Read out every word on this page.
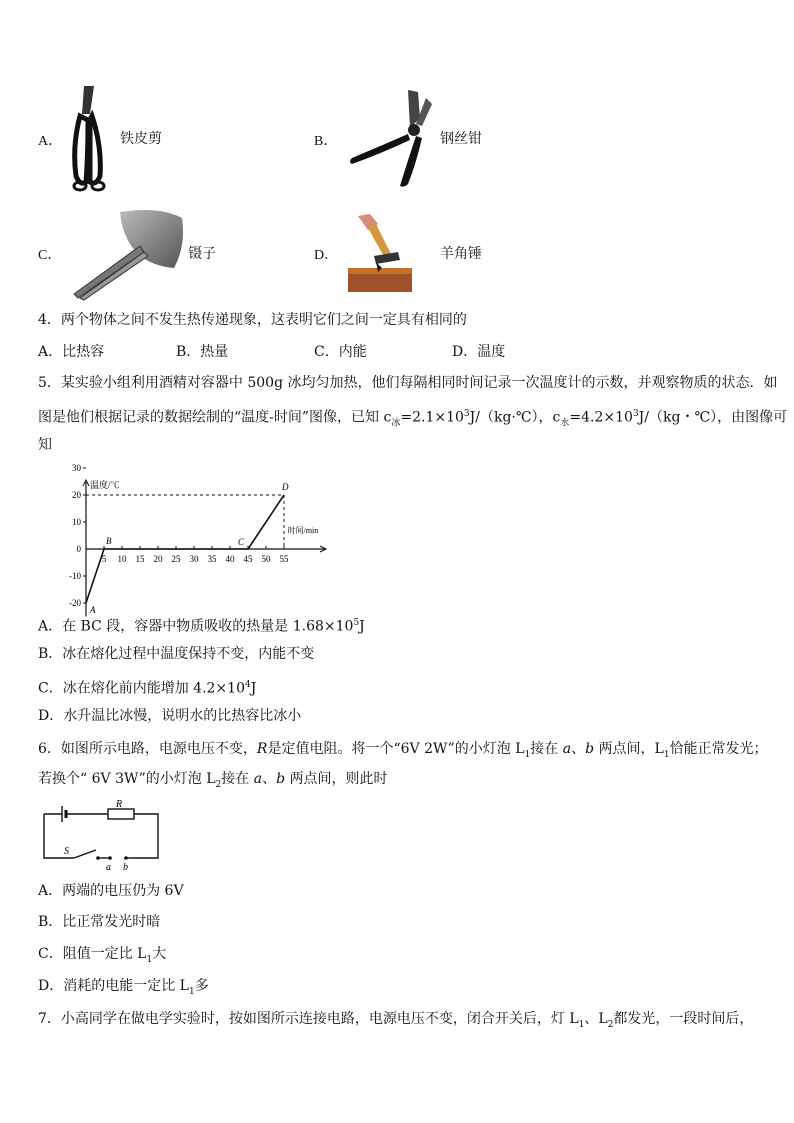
A．	铁皮剪	B．	钢丝钳
C．	镊子	D．	羊角锤
4．两个物体之间不发生热传递现象，这表明它们之间一定具有相同的
A．比热容	B．热量	C．内能	D．温度
5．某实验小组利用酒精对容器中 500g 冰均匀加热，他们每隔相同时间记录一次温度计的示数，并观察物质的状态．如
图是他们根据记录的数据绘制的“温度-时间”图像，已知 $c_冰=2.1\times 10^3J/(kg\cdot℃)$，$c_水=4.2\times 10^3J/(kg$・℃），由图像可
知
温度/℃
时间/min
30
20
10
-10
-20
0
5 10 15 20 25 30 35 40 45 50 55
A
B	C
D
A．在 BC 段，容器中物质吸收的热量是 $1.68\times 10^5J$
B．冰在熔化过程中温度保持不变，内能不变
C．冰在熔化前内能增加 $4.2\times 10^4J$
D．水升温比冰慢，说明水的比热容比冰小
6．如图所示电路，电源电压不变，R是定值电阻。将一个“6V 2W”的小灯泡 $L_1$接在 a、b 两点间，$L_1$恰能正常发光；
若换个“ 6V 3W”的小灯泡 $L_2$接在 a、b 两点间，则此时
R
S
a b
A．两端的电压仍为 6V
B．比正常发光时暗
C．阻值一定比 $L_1$大
D．消耗的电能一定比 $L_1$多
7．小高同学在做电学实验时，按如图所示连接电路，电源电压不变，闭合开关后，灯 $L_1$、$L_2$都发光，一段时间后，
